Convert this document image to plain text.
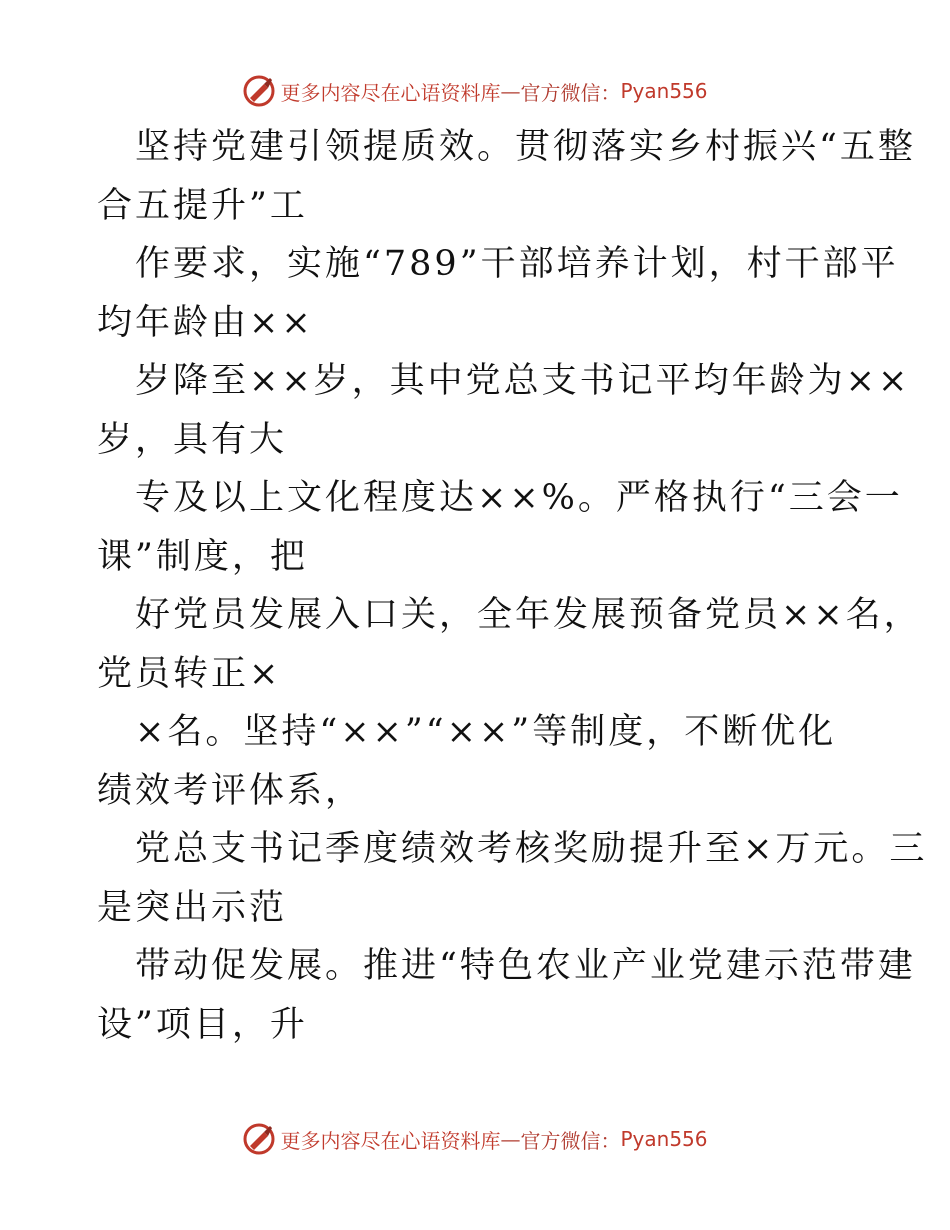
更多内容尽在心语资料库 — 官方微信： Pyan556
坚持党建引领提质效。贯彻落实乡村振兴“五整
合五提升”工
作要求，实施“789”干部培养计划，村干部平
均年龄由××
岁降至××岁，其中党总支书记平均年龄为××
岁，具有大
专及以上文化程度达××%。严格执行“三会一
课”制度，把
好党员发展入口关，全年发展预备党员××名，
党员转正×
×名。坚持“××”“××”等制度，不断优化
绩效考评体系，
党总支书记季度绩效考核奖励提升至×万元。三
是突出示范
带动促发展。推进“特色农业产业党建示范带建
设”项目，升
更多内容尽在心语资料库 — 官方微信： Pyan556
